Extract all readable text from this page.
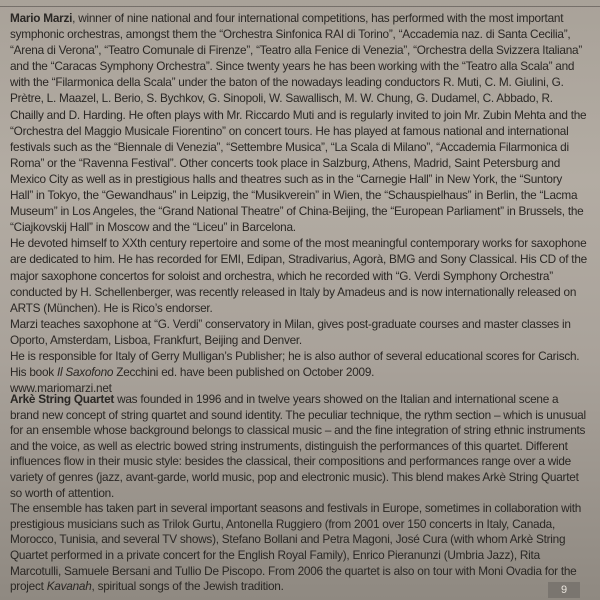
Mario Marzi, winner of nine national and four international competitions, has performed with the most important symphonic orchestras, amongst them the “Orchestra Sinfonica RAI di Torino”, “Accademia naz. di Santa Cecilia”, “Arena di Verona”, “Teatro Comunale di Firenze”, “Teatro alla Fenice di Venezia”, “Orchestra della Svizzera Italiana” and the “Caracas Symphony Orchestra”. Since twenty years he has been working with the “Teatro alla Scala” and with the “Filarmonica della Scala” under the baton of the nowadays leading conductors R. Muti, C. M. Giulini, G. Prètre, L. Maazel, L. Berio, S. Bychkov, G. Sinopoli, W. Sawallisch, M. W. Chung, G. Dudamel, C. Abbado, R. Chailly and D. Harding. He often plays with Mr. Riccardo Muti and is regularly invited to join Mr. Zubin Mehta and the “Orchestra del Maggio Musicale Fiorentino” on concert tours. He has played at famous national and international festivals such as the “Biennale di Venezia”, “Settembre Musica”, “La Scala di Milano”, “Accademia Filarmonica di Roma” or the “Ravenna Festival”. Other concerts took place in Salzburg, Athens, Madrid, Saint Petersburg and Mexico City as well as in prestigious halls and theatres such as in the “Carnegie Hall” in New York, the “Suntory Hall” in Tokyo, the “Gewandhaus” in Leipzig, the “Musikverein” in Wien, the “Schauspielhaus” in Berlin, the “Lacma Museum” in Los Angeles, the “Grand National Theatre” of China-Beijing, the “European Parliament” in Brussels, the “Ciajkovskij Hall” in Moscow and the “Liceu” in Barcelona.

He devoted himself to XXth century repertoire and some of the most meaningful contemporary works for saxophone are dedicated to him. He has recorded for EMI, Edipan, Stradivarius, Agorà, BMG and Sony Classical. His CD of the major saxophone concertos for soloist and orchestra, which he recorded with “G. Verdi Symphony Orchestra” conducted by H. Schellenberger, was recently released in Italy by Amadeus and is now internationally released on ARTS (München). He is Rico’s endorser.

Marzi teaches saxophone at “G. Verdi” conservatory in Milan, gives post-graduate courses and master classes in Oporto, Amsterdam, Lisboa, Frankfurt, Beijing and Denver.

He is responsible for Italy of Gerry Mulligan’s Publisher; he is also author of several educational scores for Carisch.

His book Il Saxofono Zecchini ed. have been published on October 2009.

www.mariomarzi.net

Arkè String Quartet was founded in 1996 and in twelve years showed on the Italian and international scene a brand new concept of string quartet and sound identity. The peculiar technique, the rythm section – which is unusual for an ensemble whose background belongs to classical music – and the fine integration of string ethnic instruments and the voice, as well as electric bowed string instruments, distinguish the performances of this quartet. Different influences flow in their music style: besides the classical, their compositions and performances range over a wide variety of genres (jazz, avant-garde, world music, pop and electronic music). This blend makes Arkè String Quartet so worth of attention.

The ensemble has taken part in several important seasons and festivals in Europe, sometimes in collaboration with prestigious musicians such as Trilok Gurtu, Antonella Ruggiero (from 2001 over 150 concerts in Italy, Canada, Morocco, Tunisia, and several TV shows), Stefano Bollani and Petra Magoni, José Cura (with whom Arkè String Quartet performed in a private concert for the English Royal Family), Enrico Pieranunzi (Umbria Jazz), Rita Marcotulli, Samuele Bersani and Tullio De Piscopo. From 2006 the quartet is also on tour with Moni Ovadia for the project Kavanah, spiritual songs of the Jewish tradition.	9
